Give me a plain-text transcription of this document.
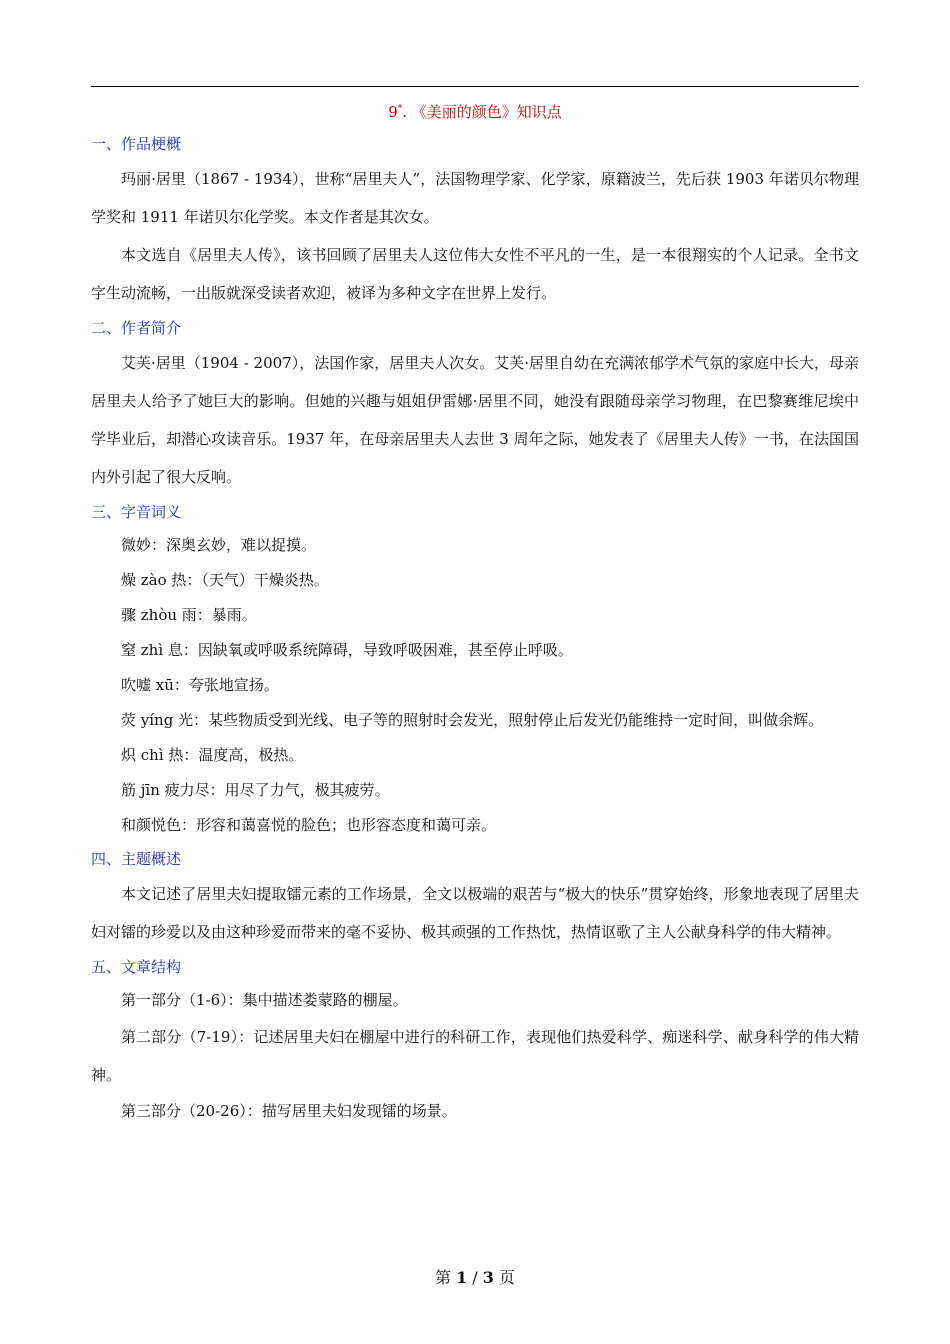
9*. 《美丽的颜色》知识点
一、作品梗概

玛丽·居里（1867 - 1934），世称“居里夫人”，法国物理学家、化学家，原籍波兰，先后获 1903 年诺贝尔物理学奖和 1911 年诺贝尔化学奖。本文作者是其次女。

本文选自《居里夫人传》，该书回顾了居里夫人这位伟大女性不平凡的一生，是一本很翔实的个人记录。全书文字生动流畅，一出版就深受读者欢迎，被译为多种文字在世界上发行。

二、作者简介

艾芙·居里（1904 - 2007），法国作家，居里夫人次女。艾芙·居里自幼在充满浓郁学术气氛的家庭中长大，母亲居里夫人给予了她巨大的影响。但她的兴趣与姐姐伊雷娜·居里不同，她没有跟随母亲学习物理，在巴黎赛维尼埃中学毕业后，却潜心攻读音乐。1937 年，在母亲居里夫人去世 3 周年之际，她发表了《居里夫人传》一书，在法国国内外引起了很大反响。

三、字音词义

微妙：深奥玄妙，难以捉摸。

燥 zào 热：（天气）干燥炎热。

骤 zhòu 雨：暴雨。

窒 zhì 息：因缺氧或呼吸系统障碍，导致呼吸困难，甚至停止呼吸。

吹嘘 xū：夸张地宣扬。

荧 yíng 光：某些物质受到光线、电子等的照射时会发光，照射停止后发光仍能维持一定时间，叫做余辉。

炽 chì 热：温度高，极热。

筋 jīn 疲力尽：用尽了力气，极其疲劳。

和颜悦色：形容和蔼喜悦的脸色；也形容态度和蔼可亲。

四、主题概述

本文记述了居里夫妇提取镭元素的工作场景，全文以极端的艰苦与“极大的快乐”贯穿始终，形象地表现了居里夫妇对镭的珍爱以及由这种珍爱而带来的毫不妥协、极其顽强的工作热忱，热情讴歌了主人公献身科学的伟大精神。

五、文章结构

第一部分（1-6）：集中描述娄蒙路的棚屋。

第二部分（7-19）：记述居里夫妇在棚屋中进行的科研工作，表现他们热爱科学、痴迷科学、献身科学的伟大精神。

第三部分（20-26）：描写居里夫妇发现镭的场景。

第 1 / 3 页
